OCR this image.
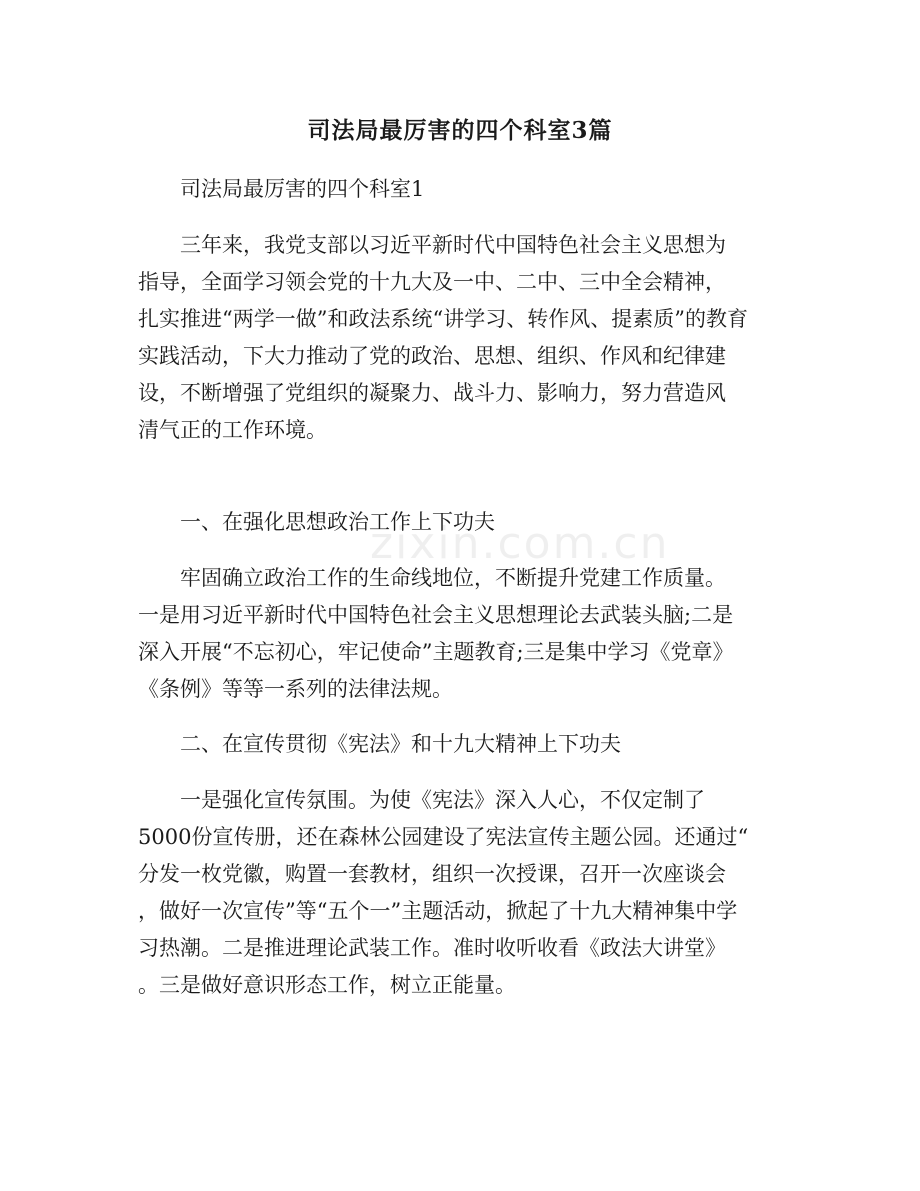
司法局最厉害的四个科室3篇
zixin.com.cn
司法局最厉害的四个科室1
三年来，我党支部以习近平新时代中国特色社会主义思想为
指导，全面学习领会党的十九大及一中、二中、三中全会精神，
扎实推进“两学一做”和政法系统“讲学习、转作风、提素质”的教育
实践活动，下大力推动了党的政治、思想、组织、作风和纪律建
设，不断增强了党组织的凝聚力、战斗力、影响力，努力营造风
清气正的工作环境。
一、在强化思想政治工作上下功夫
牢固确立政治工作的生命线地位，不断提升党建工作质量。
一是用习近平新时代中国特色社会主义思想理论去武装头脑;二是
深入开展“不忘初心，牢记使命”主题教育;三是集中学习《党章》
《条例》等等一系列的法律法规。
二、在宣传贯彻《宪法》和十九大精神上下功夫
一是强化宣传氛围。为使《宪法》深入人心，不仅定制了
5000份宣传册，还在森林公园建设了宪法宣传主题公园。还通过“
分发一枚党徽，购置一套教材，组织一次授课，召开一次座谈会
，做好一次宣传”等“五个一”主题活动，掀起了十九大精神集中学
习热潮。二是推进理论武装工作。准时收听收看《政法大讲堂》
。三是做好意识形态工作，树立正能量。
